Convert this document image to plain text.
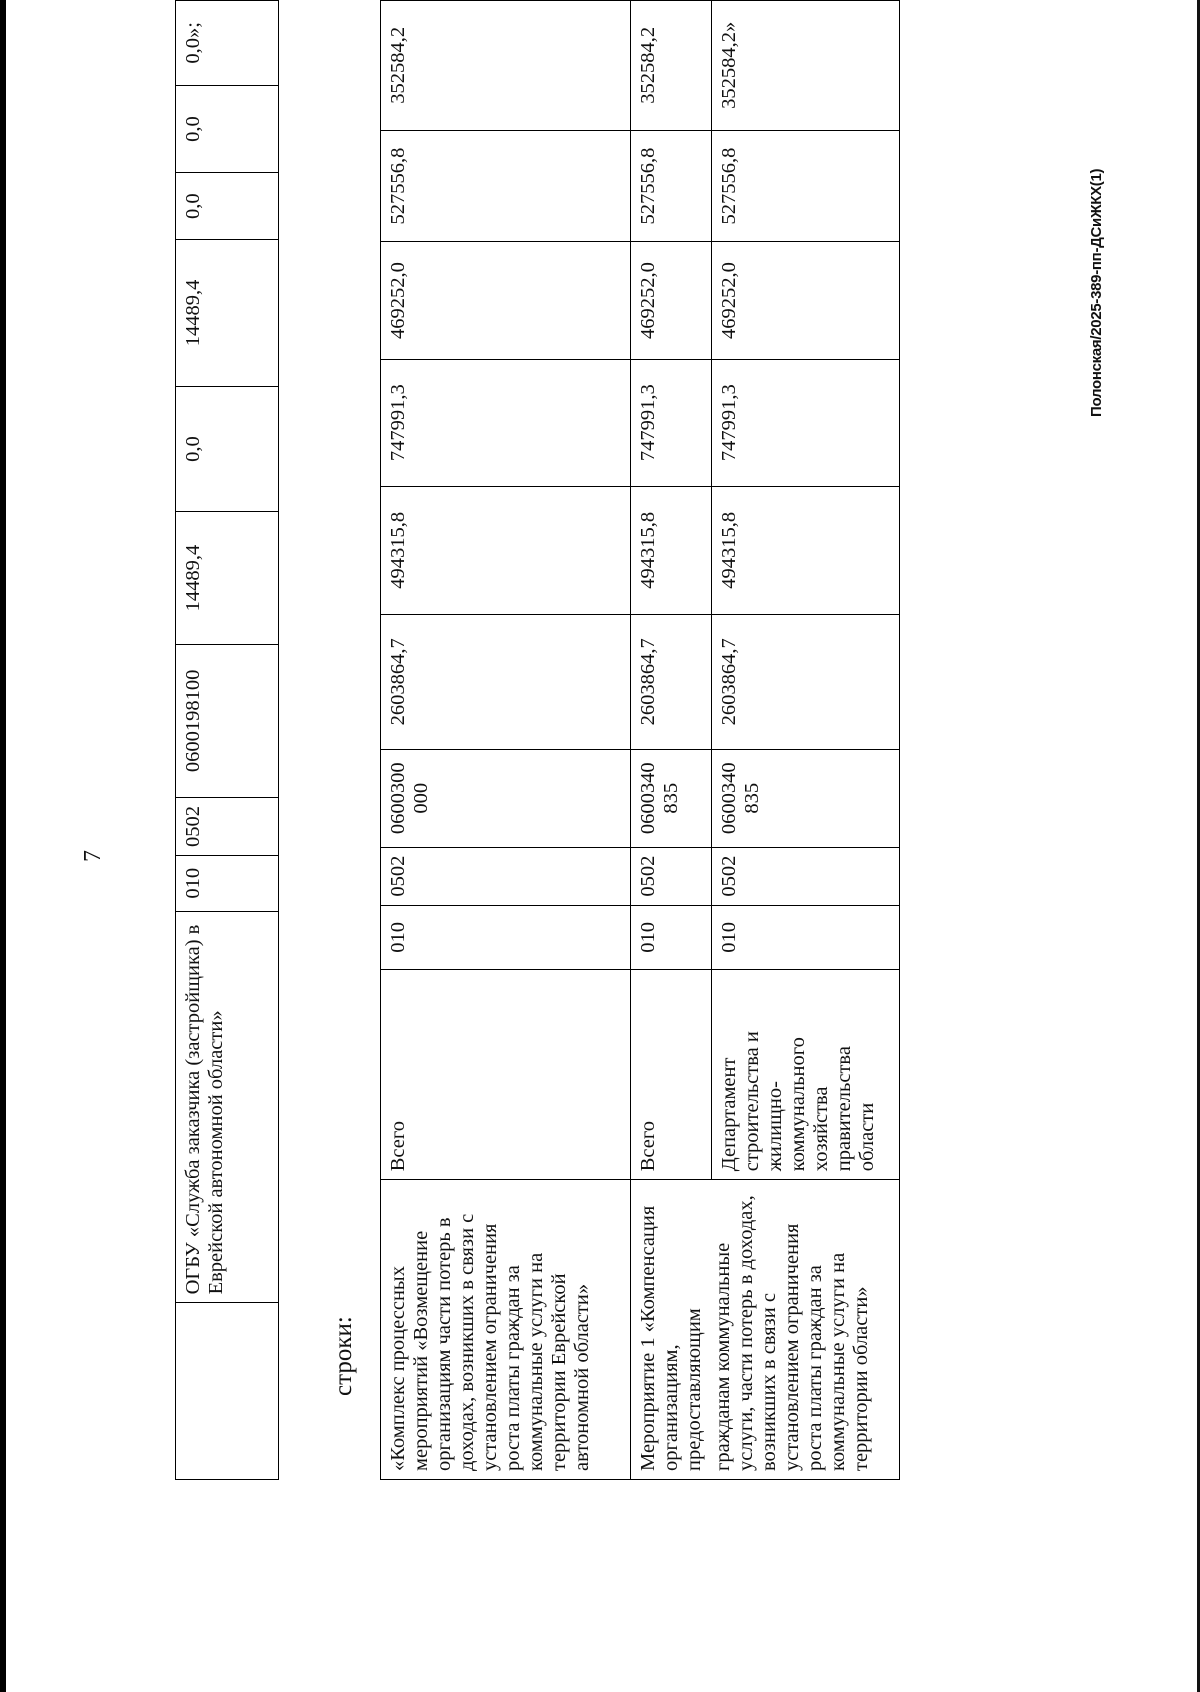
7
	ОГБУ «Служба заказчика (застройщика) в Еврейской автономной области»	010	0502	0600198100	14489,4	0,0	14489,4	0,0	0,0	0,0»;
строки: «Комплекс процессных мероприятий «Возмещение организациям части потерь в доходах, возникших в связи с установлением ограничения роста платы граждан за коммунальные услуги на территории Еврейской автономной области»	Всего	010	0502	0600300 000	2603864,7	494315,8	747991,3	469252,0	527556,8	352584,2
Мероприятие 1 «Компенсация организациям, предоставляющим	Всего	010	0502	0600340 835	2603864,7	494315,8	747991,3	469252,0	527556,8	352584,2
гражданам коммунальные услуги, части потерь в доходах, возникших в связи с установлением ограничения роста платы граждан за коммунальные услуги на территории области»	Департамент строительства и жилищно-коммунального хозяйства правительства области	010	0502	0600340 835	2603864,7	494315,8	747991,3	469252,0	527556,8	352584,2»
Полонская/2025-389-пп-ДСиЖКХ(1)
